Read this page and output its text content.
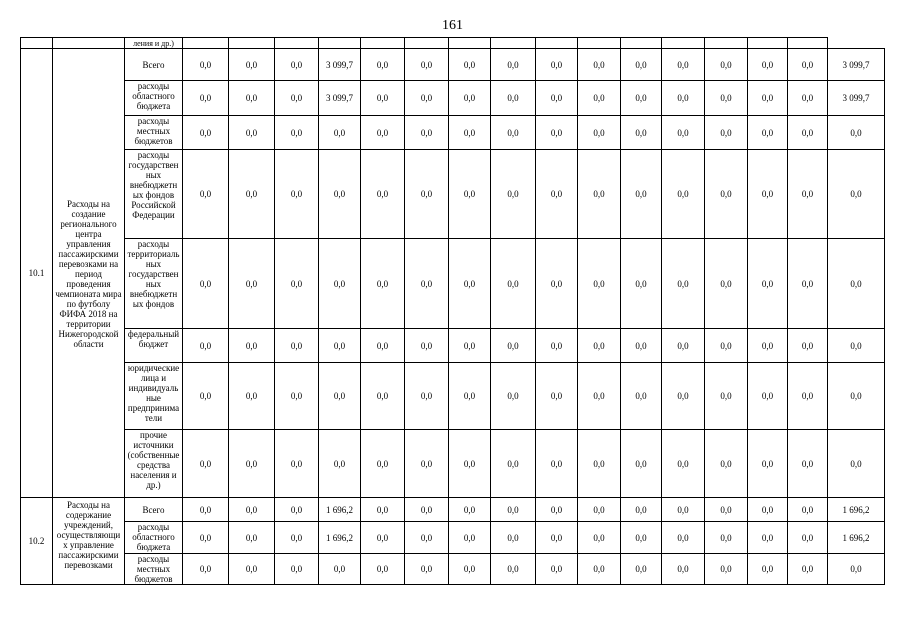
161
		ления и др.)																
10.1	Расходы на создание регионального центра управления пассажирскими перевозками на период проведения чемпионата мира по футболу ФИФА 2018 на территории Нижегородской области	Всего	0,0	0,0	0,0	3 099,7	0,0	0,0	0,0	0,0	0,0	0,0	0,0	0,0	0,0	0,0	0,0	3 099,7
		расходы областного бюджета	0,0	0,0	0,0	3 099,7	0,0	0,0	0,0	0,0	0,0	0,0	0,0	0,0	0,0	0,0	0,0	3 099,7
		расходы местных бюджетов	0,0	0,0	0,0	0,0	0,0	0,0	0,0	0,0	0,0	0,0	0,0	0,0	0,0	0,0	0,0	0,0
		расходы государственных внебюджетных фондов Российской Федерации	0,0	0,0	0,0	0,0	0,0	0,0	0,0	0,0	0,0	0,0	0,0	0,0	0,0	0,0	0,0	0,0
		расходы территориальных государственных внебюджетных фондов	0,0	0,0	0,0	0,0	0,0	0,0	0,0	0,0	0,0	0,0	0,0	0,0	0,0	0,0	0,0	0,0
		федеральный бюджет	0,0	0,0	0,0	0,0	0,0	0,0	0,0	0,0	0,0	0,0	0,0	0,0	0,0	0,0	0,0	0,0
		юридические лица и индивидуальные предприниматели	0,0	0,0	0,0	0,0	0,0	0,0	0,0	0,0	0,0	0,0	0,0	0,0	0,0	0,0	0,0	0,0
		прочие источники (собственные средства населения и др.)	0,0	0,0	0,0	0,0	0,0	0,0	0,0	0,0	0,0	0,0	0,0	0,0	0,0	0,0	0,0	0,0
10.2	Расходы на содержание учреждений, осуществляющих управление пассажирскими перевозками	Всего	0,0	0,0	0,0	1 696,2	0,0	0,0	0,0	0,0	0,0	0,0	0,0	0,0	0,0	0,0	0,0	1 696,2
		расходы областного бюджета	0,0	0,0	0,0	1 696,2	0,0	0,0	0,0	0,0	0,0	0,0	0,0	0,0	0,0	0,0	0,0	1 696,2
		расходы местных бюджетов	0,0	0,0	0,0	0,0	0,0	0,0	0,0	0,0	0,0	0,0	0,0	0,0	0,0	0,0	0,0	0,0
